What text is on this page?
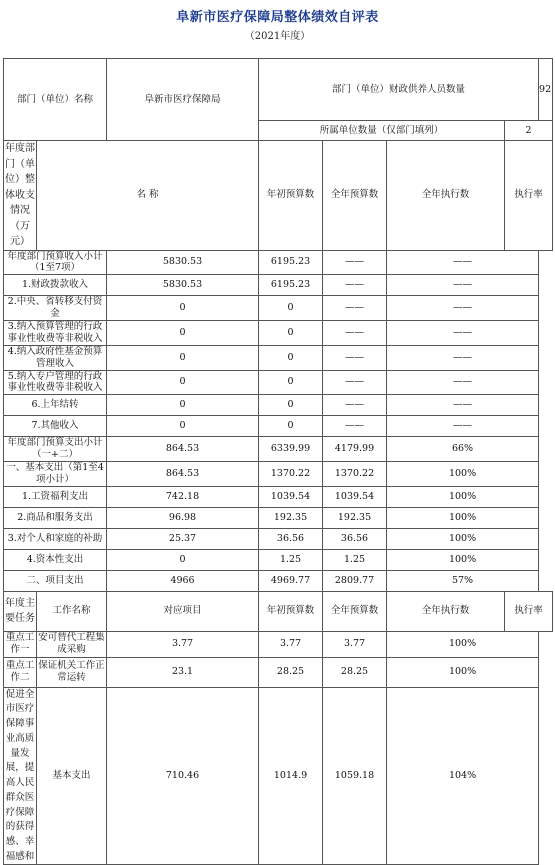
阜新市医疗保障局整体绩效自评表
（2021年度）
部门（单位）名称		阜新市医疗保障局	部门（单位）财政供养人员数量				92
			所属单位数量（仅部门填列）			2	
年度部门（单位）整体收支情况（万元）	名 称		年初预算数	全年预算数	全年执行数	执行率	
年度部门预算收入小计（1至7项）		5830.53	6195.23	——	——		
1.财政拨款收入		5830.53	6195.23	——	——		
2.中央、省转移支付资金		0	0	——	——		
3.纳入预算管理的行政事业性收费等非税收入		0	0	——	——		
4.纳入政府性基金预算管理收入		0	0	——	——		
5.纳入专户管理的行政事业性收费等非税收入		0	0	——	——		
6.上年结转		0	0	——	——		
7.其他收入		0	0	——	——		
年度部门预算支出小计（一+二）		864.53	6339.99	4179.99	66%		
一、基本支出（第1至4项小计）		864.53	1370.22	1370.22	100%		
1.工资福利支出		742.18	1039.54	1039.54	100%		
2.商品和服务支出		96.98	192.35	192.35	100%		
3.对个人和家庭的补助		25.37	36.56	36.56	100%		
4.资本性支出		0	1.25	1.25	100%		
二、项目支出		4966	4969.77	2809.77	57%		
年度主要任务	工作名称	对应项目	年初预算数	全年预算数	全年执行数	执行率	
重点工作一	安可替代工程集成采购	3.77	3.77	3.77	100%		
重点工作二	保证机关工作正常运转	23.1	28.25	28.25	100%		
促进全市医疗保障事业高质量发展，提高人民群众医疗保障的获得感、幸福感和	基本支出	710.46	1014.9	1059.18	104%		
